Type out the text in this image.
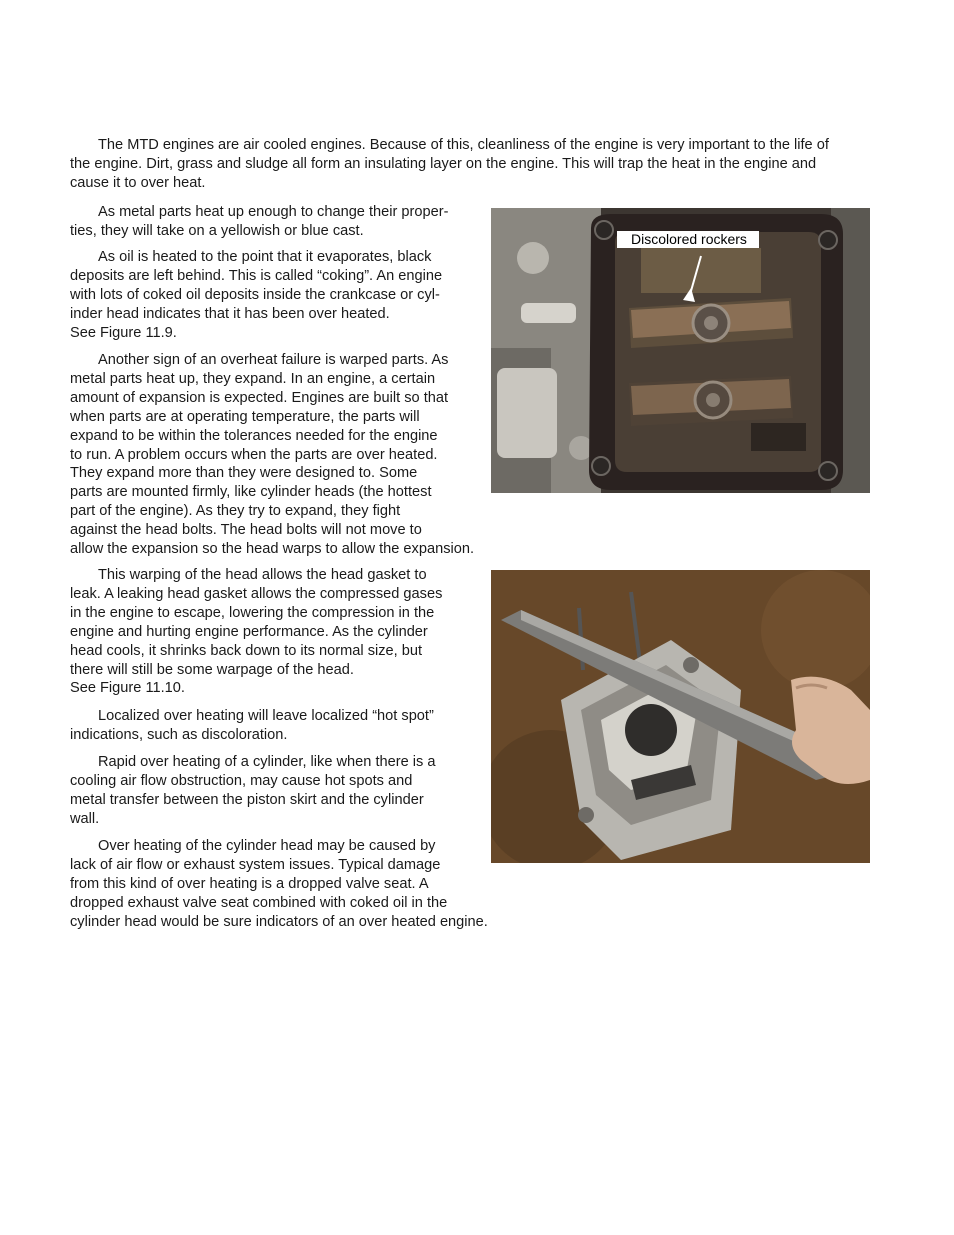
The MTD engines are air cooled engines. Because of this, cleanliness of the engine is very important to the life of
the engine. Dirt, grass and sludge all form an insulating layer on the engine. This will trap the heat in the engine and
cause it to over heat.

As metal parts heat up enough to change their proper-
ties, they will take on a yellowish or blue cast.

As oil is heated to the point that it evaporates, black
deposits are left behind. This is called “coking”. An engine
with lots of coked oil deposits inside the crankcase or cyl-
inder head indicates that it has been over heated.
See Figure 11.9.

Another sign of an overheat failure is warped parts. As
metal parts heat up, they expand. In an engine, a certain
amount of expansion is expected. Engines are built so that
when parts are at operating temperature, the parts will
expand to be within the tolerances needed for the engine
to run. A problem occurs when the parts are over heated.
They expand more than they were designed to. Some
parts are mounted firmly, like cylinder heads (the hottest
part of the engine). As they try to expand, they fight
against the head bolts. The head bolts will not move to
allow the expansion so the head warps to allow the expansion.

This warping of the head allows the head gasket to
leak. A leaking head gasket allows the compressed gases
in the engine to escape, lowering the compression in the
engine and hurting engine performance. As the cylinder
head cools, it shrinks back down to its normal size, but
there will still be some warpage of the head.
See Figure 11.10.

Localized over heating will leave localized “hot spot”
indications, such as discoloration.

Rapid over heating of a cylinder, like when there is a
cooling air flow obstruction, may cause hot spots and
metal transfer between the piston skirt and the cylinder
wall.

Over heating of the cylinder head may be caused by
lack of air flow or exhaust system issues. Typical damage
from this kind of over heating is a dropped valve seat. A
dropped exhaust valve seat combined with coked oil in the
cylinder head would be sure indicators of an over heated engine.

Discolored rockers
